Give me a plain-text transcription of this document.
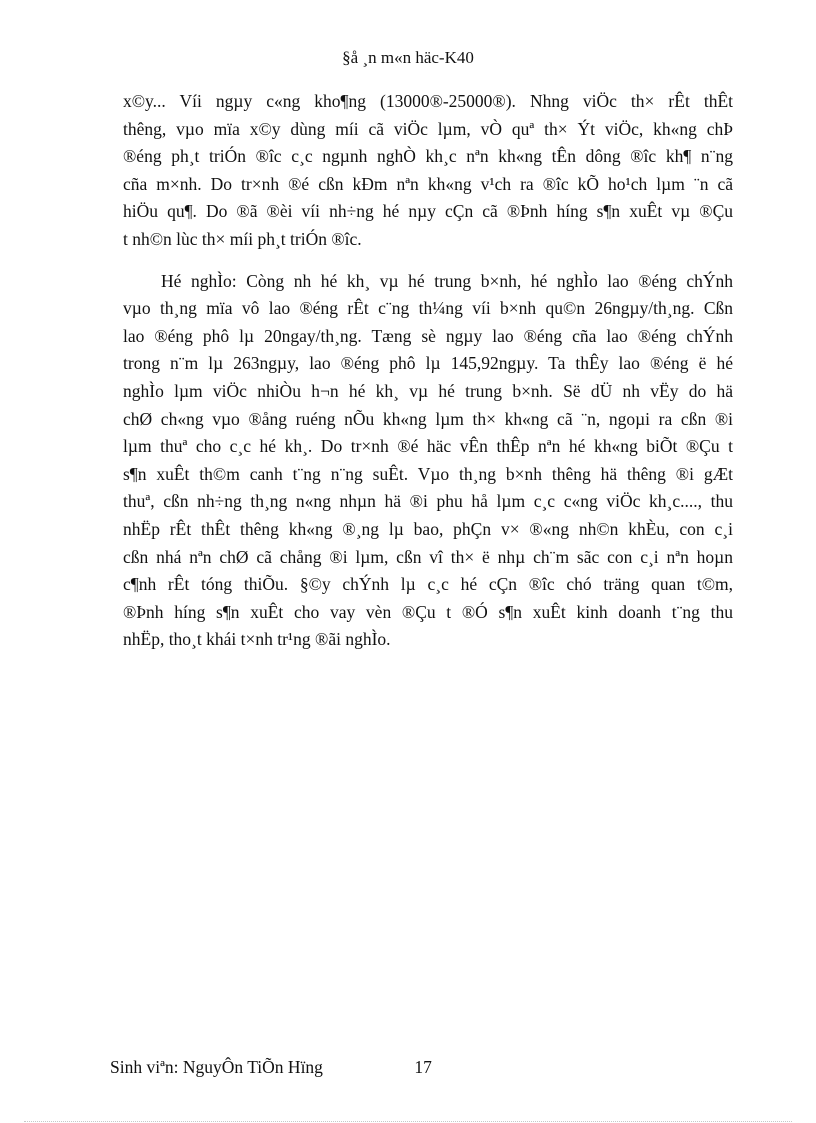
§å ¸n m«n häc-K40
x©y... Víi ngµy c«ng kho¶ng (13000®-25000®). Nhng viÖc th× rÊt thÊt
thêng, vµo mïa x©y dùng míi cã viÖc lµm, vÒ quª th× Ýt viÖc, kh«ng chÞ
®éng ph¸t triÓn ®îc c¸c ngµnh nghÒ kh¸c nªn kh«ng tÊn dông ®îc kh¶ n¨ng
cña m×nh. Do tr×nh ®é cßn kÐm nªn kh«ng v¹ch ra ®îc kÕ ho¹ch lµm ¨n cã
hiÖu qu¶. Do ®ã ®èi víi nh÷ng hé nµy cÇn cã ®Þnh híng s¶n xuÊt vµ ®Çu
t nh©n lùc th× míi ph¸t triÓn ®îc.
Hé nghÌo: Còng nh hé kh¸ vµ hé trung b×nh, hé nghÌo lao ®éng chÝnh
vµo th¸ng mïa vô lao ®éng rÊt c¨ng th¼ng víi b×nh qu©n 26ngµy/th¸ng. Cßn
lao ®éng phô lµ 20ngay/th¸ng. Tæng sè ngµy lao ®éng cña lao ®éng chÝnh
trong n¨m lµ 263ngµy, lao ®éng phô lµ 145,92ngµy. Ta thÊy lao ®éng ë hé
nghÌo lµm viÖc nhiÒu h¬n hé kh¸ vµ hé trung b×nh. Së dÜ nh vËy do hä
chØ ch«ng vµo ®ång ruéng nÕu kh«ng lµm th× kh«ng cã ¨n, ngoµi ra cßn ®i
lµm thuª cho c¸c hé kh¸. Do tr×nh ®é häc vÊn thÊp nªn hé kh«ng biÕt ®Çu t
s¶n xuÊt th©m canh t¨ng n¨ng suÊt. Vµo th¸ng b×nh thêng hä thêng ®i gÆt
thuª, cßn nh÷ng th¸ng n«ng nhµn hä ®i phu hå lµm c¸c c«ng viÖc kh¸c...., thu
nhËp rÊt thÊt thêng kh«ng ®¸ng lµ bao, phÇn v× ®«ng nh©n khÈu, con c¸i
cßn nhá nªn chØ cã chång ®i lµm, cßn vî th× ë nhµ ch¨m sãc con c¸i nªn hoµn
c¶nh rÊt tóng thiÕu. §©y chÝnh lµ c¸c hé cÇn ®îc chó träng quan t©m,
®Þnh híng s¶n xuÊt cho vay vèn ®Çu t ®Ó s¶n xuÊt kinh doanh t¨ng thu
nhËp, tho¸t khái t×nh tr¹ng ®ãi nghÌo.
Sinh viªn: NguyÔn TiÕn Hïng	17
